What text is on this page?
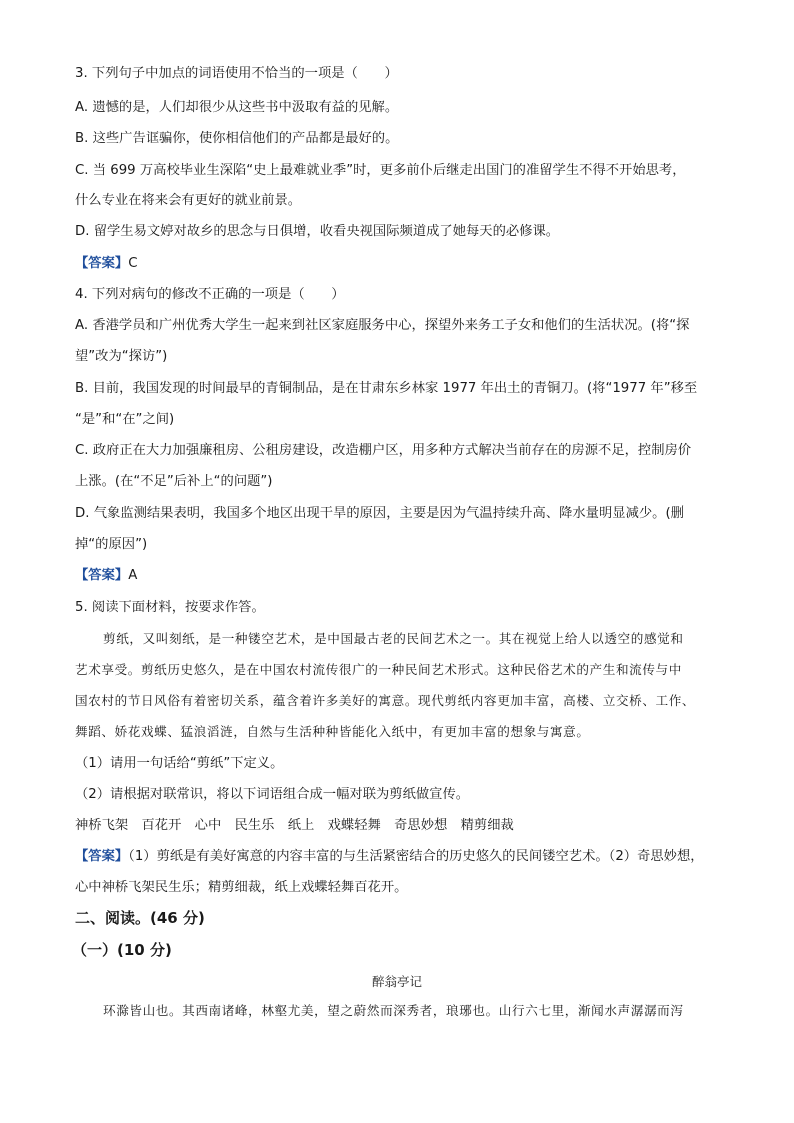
3. 下列句子中加点的词语使用不恰当的一项是（　　）
A. 遗憾的是，人们却很少从这些书中汲取有益的见解。
B. 这些广告诓骗你，使你相信他们的产品都是最好的。
C. 当 699 万高校毕业生深陷“史上最难就业季”时，更多前仆后继走出国门的准留学生不得不开始思考，
什么专业在将来会有更好的就业前景。
D. 留学生易文婷对故乡的思念与日俱增，收看央视国际频道成了她每天的必修课。
【答案】C
4. 下列对病句的修改不正确的一项是（　　）
A. 香港学员和广州优秀大学生一起来到社区家庭服务中心，探望外来务工子女和他们的生活状况。(将“探
望”改为“探访”)
B. 目前，我国发现的时间最早的青铜制品，是在甘肃东乡林家 1977 年出土的青铜刀。(将“1977 年”移至
“是”和“在”之间)
C. 政府正在大力加强廉租房、公租房建设，改造棚户区，用多种方式解决当前存在的房源不足，控制房价
上涨。(在“不足”后补上“的问题”)
D. 气象监测结果表明，我国多个地区出现干旱的原因，主要是因为气温持续升高、降水量明显减少。(删
掉“的原因”)
【答案】A
5. 阅读下面材料，按要求作答。
剪纸，又叫刻纸，是一种镂空艺术，是中国最古老的民间艺术之一。其在视觉上给人以透空的感觉和
艺术享受。剪纸历史悠久，是在中国农村流传很广的一种民间艺术形式。这种民俗艺术的产生和流传与中
国农村的节日风俗有着密切关系，蕴含着许多美好的寓意。现代剪纸内容更加丰富，高楼、立交桥、工作、
舞蹈、娇花戏蝶、猛浪滔涟，自然与生活种种皆能化入纸中，有更加丰富的想象与寓意。
（1）请用一句话给“剪纸”下定义。
（2）请根据对联常识，将以下词语组合成一幅对联为剪纸做宣传。
神桥飞架　百花开　心中　民生乐　纸上　戏蝶轻舞　奇思妙想　精剪细裁
【答案】（1）剪纸是有美好寓意的内容丰富的与生活紧密结合的历史悠久的民间镂空艺术。（2）奇思妙想，
心中神桥飞架民生乐；精剪细裁，纸上戏蝶轻舞百花开。
二、阅读。(46 分)
（一）(10 分)
醉翁亭记
环滁皆山也。其西南诸峰，林壑尤美，望之蔚然而深秀者，琅琊也。山行六七里，渐闻水声潺潺而泻
